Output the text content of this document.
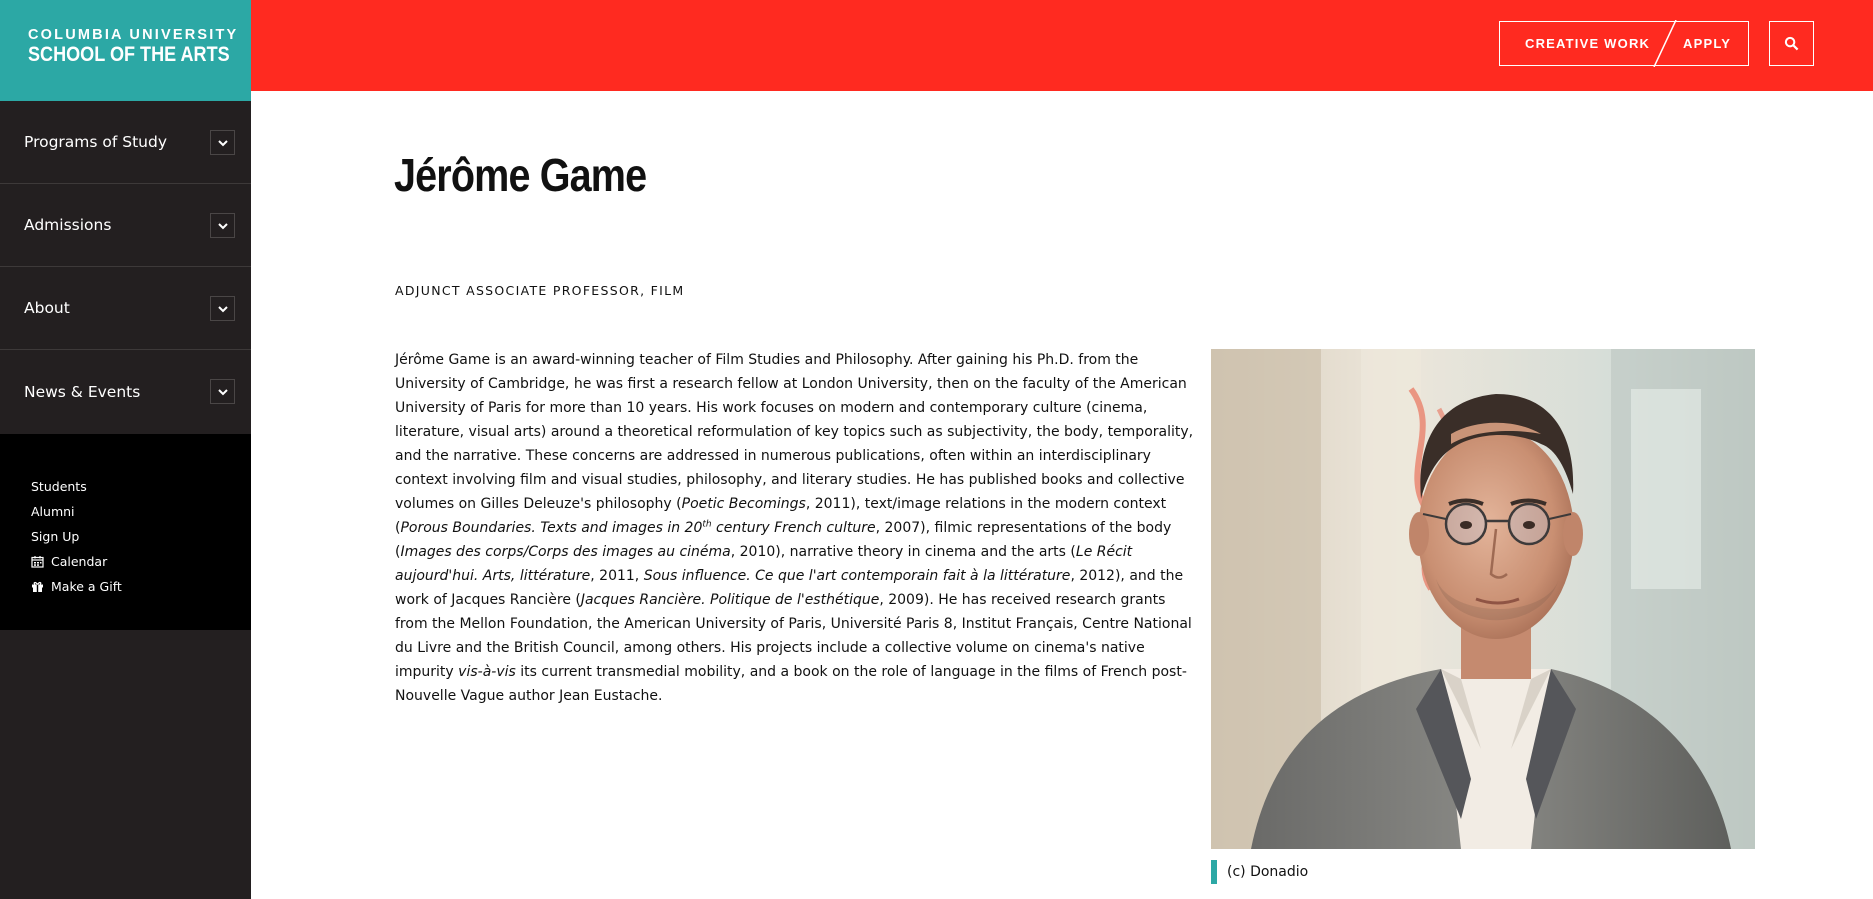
COLUMBIA UNIVERSITY
SCHOOL OF THE ARTS
Programs of Study
Admissions
About
News & Events
Students
Alumni
Sign Up
Calendar
Make a Gift
CREATIVE WORK	APPLY
Jérôme Game
ADJUNCT ASSOCIATE PROFESSOR, FILM

Jérôme Game is an award-winning teacher of Film Studies and Philosophy. After gaining his Ph.D. from the University of Cambridge, he was first a research fellow at London University, then on the faculty of the American University of Paris for more than 10 years. His work focuses on modern and contemporary culture (cinema, literature, visual arts) around a theoretical reformulation of key topics such as subjectivity, the body, temporality, and the narrative. These concerns are addressed in numerous publications, often within an interdisciplinary context involving film and visual studies, philosophy, and literary studies. He has published books and collective volumes on Gilles Deleuze's philosophy (Poetic Becomings, 2011), text/image relations in the modern context (Porous Boundaries. Texts and images in 20th century French culture, 2007), filmic representations of the body (Images des corps/Corps des images au cinéma, 2010), narrative theory in cinema and the arts (Le Récit aujourd'hui. Arts, littérature, 2011, Sous influence. Ce que l'art contemporain fait à la littérature, 2012), and the work of Jacques Rancière (Jacques Rancière. Politique de l'esthétique, 2009). He has received research grants from the Mellon Foundation, the American University of Paris, Université Paris 8, Institut Français, Centre National du Livre and the British Council, among others. His projects include a collective volume on cinema's native impurity vis-à-vis its current transmedial mobility, and a book on the role of language in the films of French post-Nouvelle Vague author Jean Eustache.

(c) Donadio
